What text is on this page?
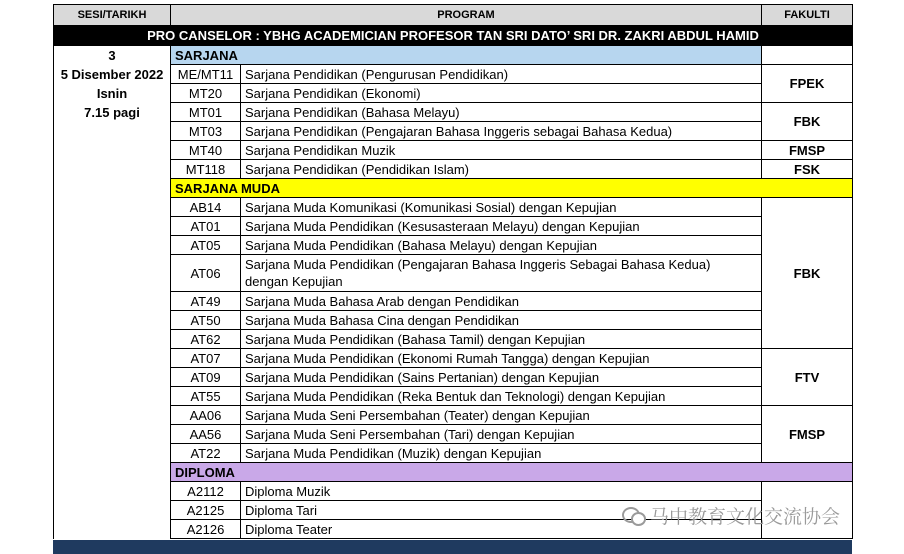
SESI/TARIKH	PROGRAM		FAKULTI
PRO CANSELOR : YBHG ACADEMICIAN PROFESOR TAN SRI DATO’ SRI DR. ZAKRI ABDUL HAMID			

3
5 Disember 2022
Isnin
7.15 pagi	SARJANA		
	ME/MT11	Sarjana Pendidikan (Pengurusan Pendidikan)	FPEK
	MT20	Sarjana Pendidikan (Ekonomi)	
	MT01	Sarjana Pendidikan (Bahasa Melayu)	FBK
	MT03	Sarjana Pendidikan (Pengajaran Bahasa Inggeris sebagai Bahasa Kedua)	
	MT40	Sarjana Pendidikan Muzik	FMSP
	MT118	Sarjana Pendidikan (Pendidikan Islam)	FSK
	SARJANA MUDA		
	AB14	Sarjana Muda Komunikasi (Komunikasi Sosial) dengan Kepujian	FBK
	AT01	Sarjana Muda Pendidikan (Kesusasteraan Melayu) dengan Kepujian	
	AT05	Sarjana Muda Pendidikan (Bahasa Melayu) dengan Kepujian	
	AT06	Sarjana Muda Pendidikan (Pengajaran Bahasa Inggeris Sebagai Bahasa Kedua) dengan Kepujian	
	AT49	Sarjana Muda Bahasa Arab dengan Pendidikan	
	AT50	Sarjana Muda Bahasa Cina dengan Pendidikan	
	AT62	Sarjana Muda Pendidikan (Bahasa Tamil) dengan Kepujian	
	AT07	Sarjana Muda Pendidikan (Ekonomi Rumah Tangga) dengan Kepujian	FTV
	AT09	Sarjana Muda Pendidikan (Sains Pertanian) dengan Kepujian	
	AT55	Sarjana Muda Pendidikan (Reka Bentuk dan Teknologi) dengan Kepujian	
	AA06	Sarjana Muda Seni Persembahan (Teater) dengan Kepujian	FMSP
	AA56	Sarjana Muda Seni Persembahan (Tari) dengan Kepujian	
	AT22	Sarjana Muda Pendidikan (Muzik) dengan Kepujian	
	DIPLOMA		
	A2112	Diploma Muzik	
	A2125	Diploma Tari	
	A2126	Diploma Teater	
马中教育文化交流协会
